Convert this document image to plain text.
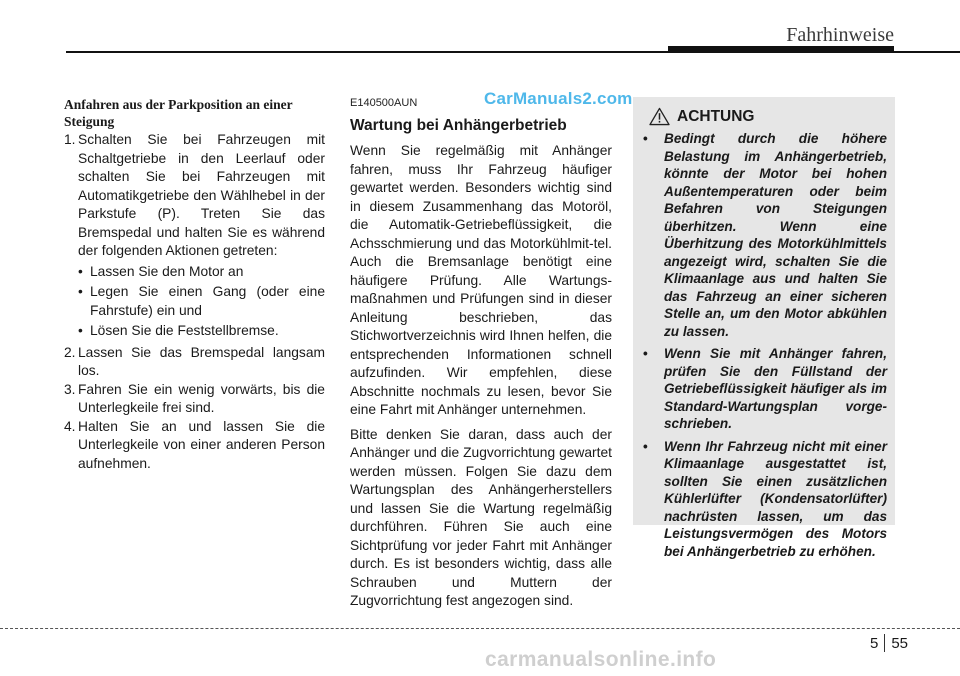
Fahrhinweise
Anfahren aus der Parkposition an einer Steigung
1. Schalten Sie bei Fahrzeugen mit Schaltgetriebe in den Leerlauf oder schalten Sie bei Fahrzeugen mit Automatikgetriebe den Wählhebel in der Parkstufe (P). Treten Sie das Bremspedal und halten Sie es während der folgenden Aktionen getreten:
• Lassen Sie den Motor an
• Legen Sie einen Gang (oder eine Fahrstufe) ein und
• Lösen Sie die Feststellbremse.
2. Lassen Sie das Bremspedal langsam los.
3. Fahren Sie ein wenig vorwärts, bis die Unterlegkeile frei sind.
4. Halten Sie an und lassen Sie die Unterlegkeile von einer anderen Person aufnehmen.
CarManuals2.com
E140500AUN
Wartung bei Anhängerbetrieb

Wenn Sie regelmäßig mit Anhänger fahren, muss Ihr Fahrzeug häufiger gewartet werden. Besonders wichtig sind in diesem Zusammenhang das Motoröl, die Automatik-Getriebeflüssigkeit, die Achsschmierung und das Motorkühlmit-tel. Auch die Bremsanlage benötigt eine häufigere Prüfung. Alle Wartungs-maßnahmen und Prüfungen sind in dieser Anleitung beschrieben, das Stichwortverzeichnis wird Ihnen helfen, die entsprechenden Informationen schnell aufzufinden. Wir empfehlen, diese Abschnitte nochmals zu lesen, bevor Sie eine Fahrt mit Anhänger unternehmen.

Bitte denken Sie daran, dass auch der Anhänger und die Zugvorrichtung gewartet werden müssen. Folgen Sie dazu dem Wartungsplan des Anhängerherstellers und lassen Sie die Wartung regelmäßig durchführen. Führen Sie auch eine Sichtprüfung vor jeder Fahrt mit Anhänger durch. Es ist besonders wichtig, dass alle Schrauben und Muttern der Zugvorrichtung fest angezogen sind.

ACHTUNG
• Bedingt durch die höhere Belastung im Anhängerbetrieb, könnte der Motor bei hohen Außentemperaturen oder beim Befahren von Steigungen überhitzen. Wenn eine Überhitzung des Motorkühlmittels angezeigt wird, schalten Sie die Klimaanlage aus und halten Sie das Fahrzeug an einer sicheren Stelle an, um den Motor abkühlen zu lassen.
• Wenn Sie mit Anhänger fahren, prüfen Sie den Füllstand der Getriebeflüssigkeit häufiger als im Standard-Wartungsplan vorge-schrieben.
• Wenn Ihr Fahrzeug nicht mit einer Klimaanlage ausgestattet ist, sollten Sie einen zusätzlichen Kühlerlüfter (Kondensatorlüfter) nachrüsten lassen, um das Leistungsvermögen des Motors bei Anhängerbetrieb zu erhöhen.
5 55
carmanualsonline.info
